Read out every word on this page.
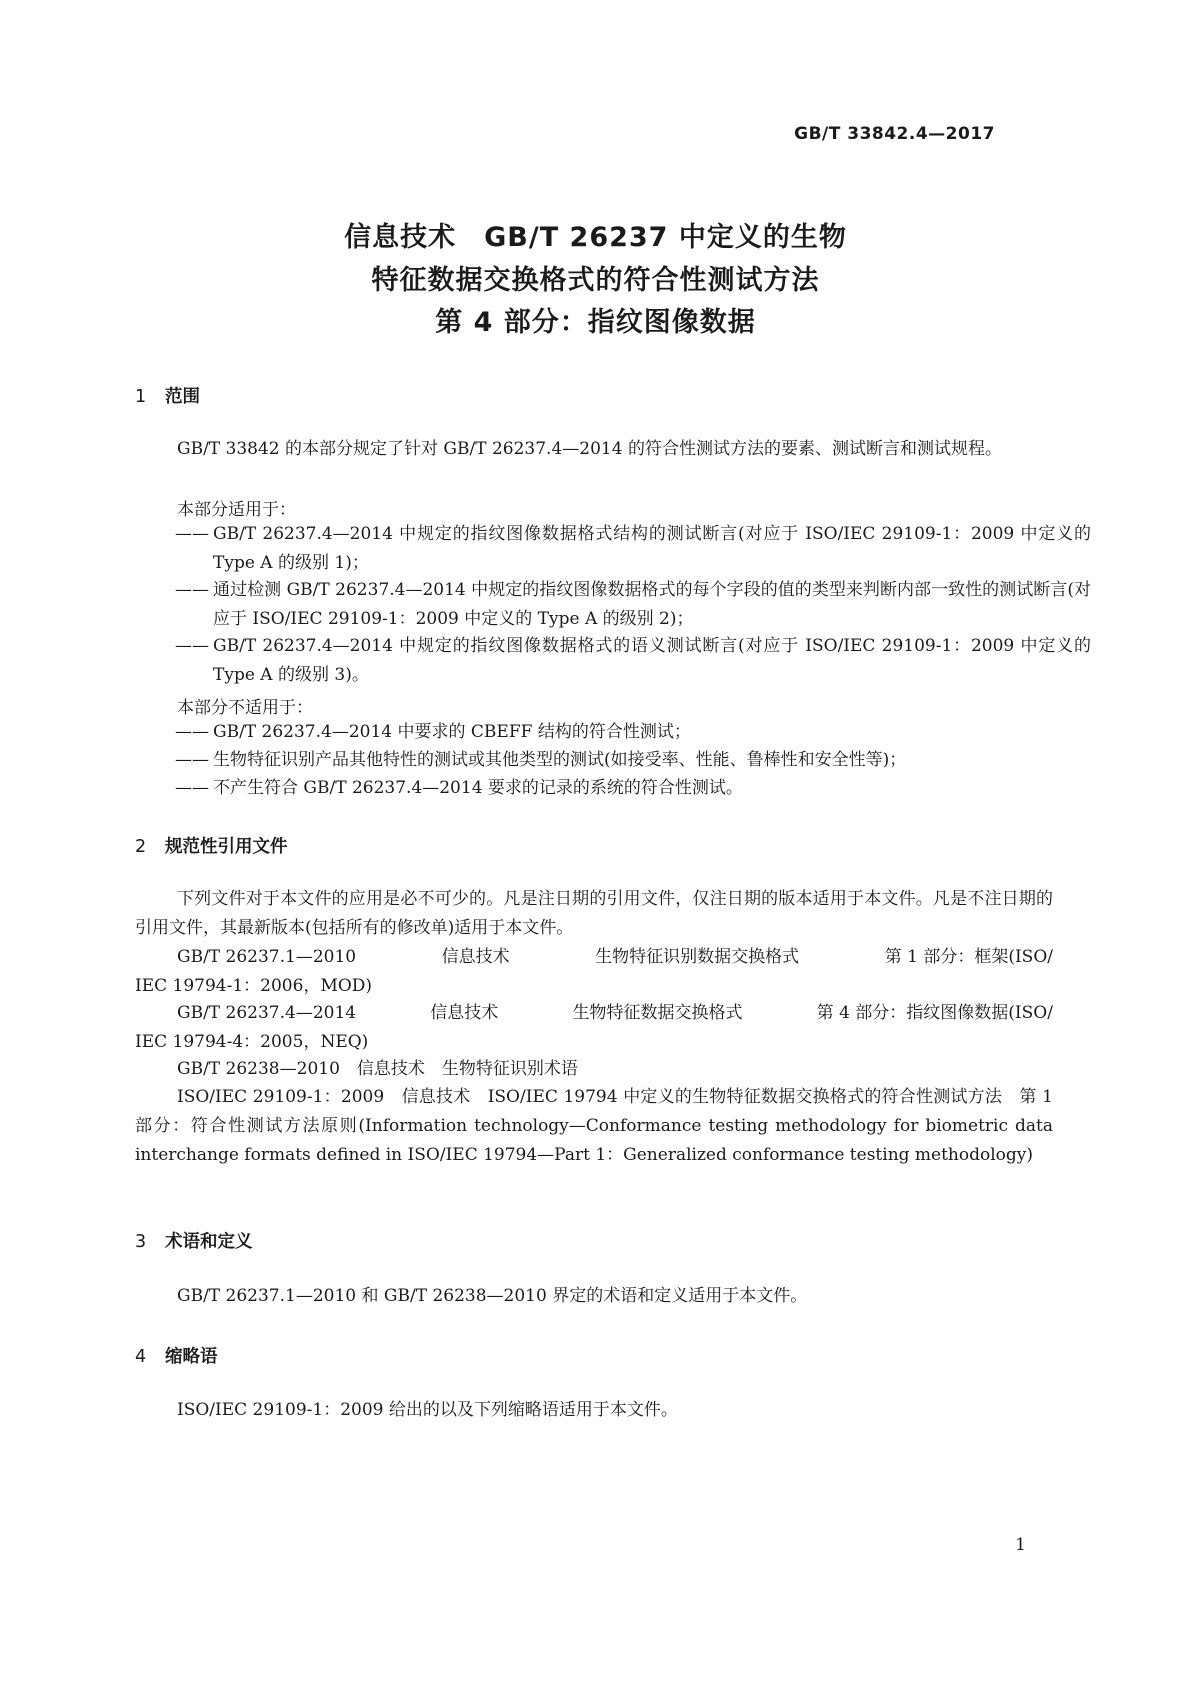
GB/T 33842.4—2017
信息技术　GB/T 26237 中定义的生物
特征数据交换格式的符合性测试方法
第 4 部分：指纹图像数据
1 范围
GB/T 33842 的本部分规定了针对 GB/T 26237.4—2014 的符合性测试方法的要素、测试断言和测试规程。
本部分适用于：
—— GB/T 26237.4—2014 中规定的指纹图像数据格式结构的测试断言(对应于 ISO/IEC 29109-1：2009 中定义的 Type A 的级别 1)；
—— 通过检测 GB/T 26237.4—2014 中规定的指纹图像数据格式的每个字段的值的类型来判断内部一致性的测试断言(对应于 ISO/IEC 29109-1：2009 中定义的 Type A 的级别 2)；
—— GB/T 26237.4—2014 中规定的指纹图像数据格式的语义测试断言(对应于 ISO/IEC 29109-1：2009 中定义的 Type A 的级别 3)。
本部分不适用于：
—— GB/T 26237.4—2014 中要求的 CBEFF 结构的符合性测试；
—— 生物特征识别产品其他特性的测试或其他类型的测试(如接受率、性能、鲁棒性和安全性等)；
—— 不产生符合 GB/T 26237.4—2014 要求的记录的系统的符合性测试。
2 规范性引用文件
下列文件对于本文件的应用是必不可少的。凡是注日期的引用文件，仅注日期的版本适用于本文件。凡是不注日期的引用文件，其最新版本(包括所有的修改单)适用于本文件。
GB/T 26237.1—2010	信息技术	生物特征识别数据交换格式	第 1 部分：框架(ISO/
IEC 19794-1：2006，MOD)
GB/T 26237.4—2014	信息技术	生物特征数据交换格式	第 4 部分：指纹图像数据(ISO/
IEC 19794-4：2005，NEQ)
GB/T 26238—2010　信息技术　生物特征识别术语
ISO/IEC 29109-1：2009　信息技术　ISO/IEC 19794 中定义的生物特征数据交换格式的符合性测试方法　第 1 部分：符合性测试方法原则(Information technology—Conformance testing methodology for biometric data interchange formats defined in ISO/IEC 19794—Part 1：Generalized conformance testing methodology)
3 术语和定义
GB/T 26237.1—2010 和 GB/T 26238—2010 界定的术语和定义适用于本文件。
4 缩略语
ISO/IEC 29109-1：2009 给出的以及下列缩略语适用于本文件。
1
